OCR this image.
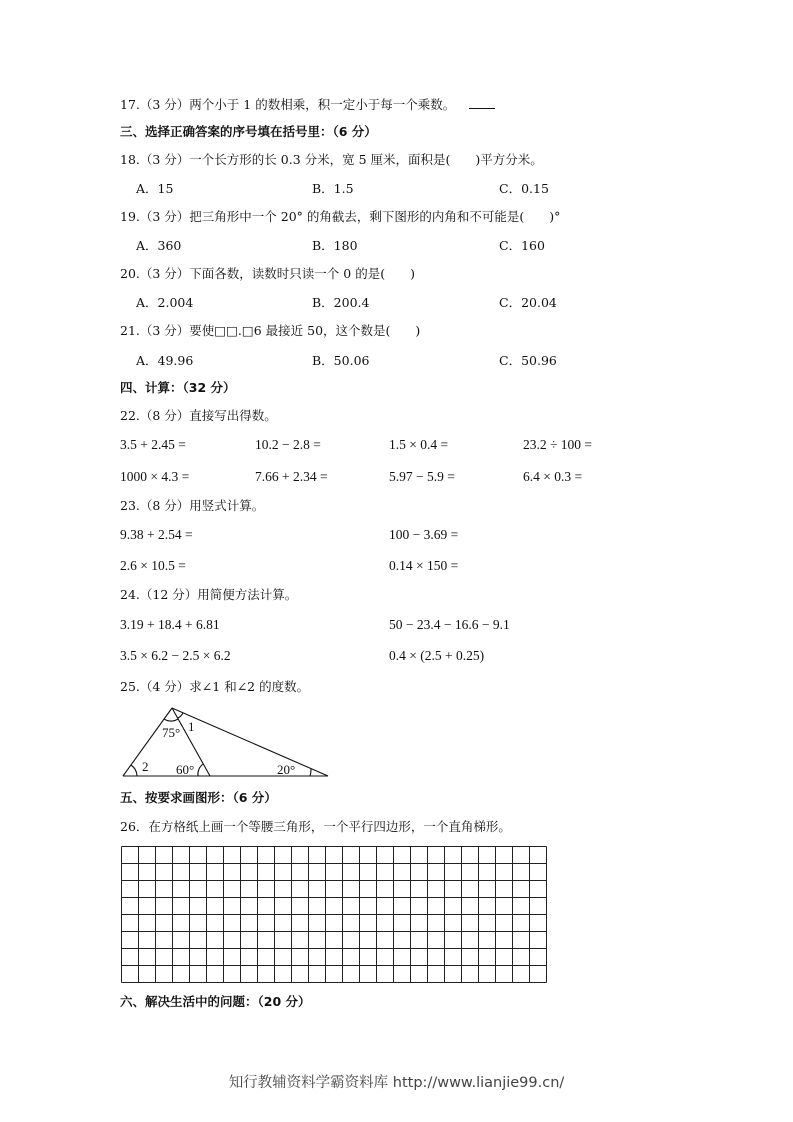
17.（3 分）两个小于 1 的数相乘，积一定小于每一个乘数。
三、选择正确答案的序号填在括号里：（6 分）
18.（3 分）一个长方形的长 0.3 分米，宽 5 厘米，面积是(　　)平方分米。
A．15	B．1.5	C．0.15
19.（3 分）把三角形中一个 20° 的角截去，剩下图形的内角和不可能是(　　)°
A．360	B．180	C．160
20.（3 分）下面各数，读数时只读一个 0 的是(　　)
A．2.004	B．200.4	C．20.04
21.（3 分）要使□□.□6 最接近 50，这个数是(　　)
A．49.96	B．50.06	C．50.96
四、计算：（32 分）
22.（8 分）直接写出得数。
3.5 + 2.45 =	10.2 − 2.8 =	1.5 × 0.4 =	23.2 ÷ 100 =
1000 × 4.3 =	7.66 + 2.34 =	5.97 − 5.9 =	6.4 × 0.3 =
23.（8 分）用竖式计算。
9.38 + 2.54 =	100 − 3.69 =
2.6 × 10.5 =	0.14 × 150 =
24.（12 分）用简便方法计算。
3.19 + 18.4 + 6.81	50 − 23.4 − 16.6 − 9.1
3.5 × 6.2 − 2.5 × 6.2	0.4 × (2.5 + 0.25)
25.（4 分）求∠1 和∠2 的度数。
75° 1
2 60°	20°
五、按要求画图形：（6 分）
26．在方格纸上画一个等腰三角形，一个平行四边形，一个直角梯形。
六、解决生活中的问题：（20 分）
知行教辅资料学霸资料库 http://www.lianjie99.cn/
